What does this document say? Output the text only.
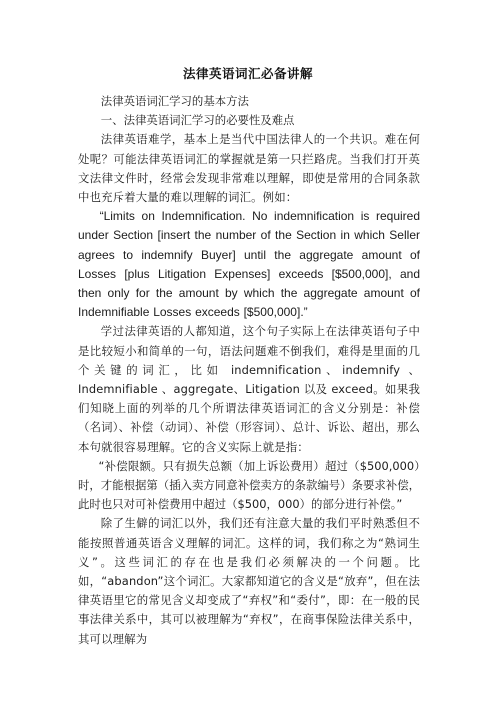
法律英语词汇必备讲解

法律英语词汇学习的基本方法

一、法律英语词汇学习的必要性及难点

法律英语难学，基本上是当代中国法律人的一个共识。难在何处呢？可能法律英语词汇的掌握就是第一只拦路虎。当我们打开英文法律文件时，经常会发现非常难以理解，即使是常用的合同条款中也充斥着大量的难以理解的词汇。例如：

“Limits on Indemnification. No indemnification is required under Section [insert the number of the Section in which Seller agrees to indemnify Buyer] until the aggregate amount of Losses [plus Litigation Expenses] exceeds [$500,000], and then only for the amount by which the aggregate amount of Indemnifiable Losses exceeds [$500,000].”

学过法律英语的人都知道，这个句子实际上在法律英语句子中是比较短小和简单的一句，语法问题难不倒我们，难得是里面的几个关键的词汇，比如 indemnification、indemnify 、Indemnifiable 、aggregate、Litigation 以及 exceed。如果我们知晓上面的列举的几个所谓法律英语词汇的含义分别是：补偿（名词）、补偿（动词）、补偿（形容词）、总计、诉讼、超出，那么本句就很容易理解。它的含义实际上就是指：

“补偿限额。只有损失总额（加上诉讼费用）超过（$500,000）时，才能根据第（插入卖方同意补偿卖方的条款编号）条要求补偿，此时也只对可补偿费用中超过（$500，000）的部分进行补偿。”

除了生僻的词汇以外，我们还有注意大量的我们平时熟悉但不能按照普通英语含义理解的词汇。这样的词，我们称之为“熟词生义”。这些词汇的存在也是我们必须解决的一个问题。比如，“abandon”这个词汇。大家都知道它的含义是“放弃”，但在法律英语里它的常见含义却变成了“弃权”和“委付”，即：在一般的民事法律关系中，其可以被理解为“弃权”，在商事保险法律关系中，其可以理解为
